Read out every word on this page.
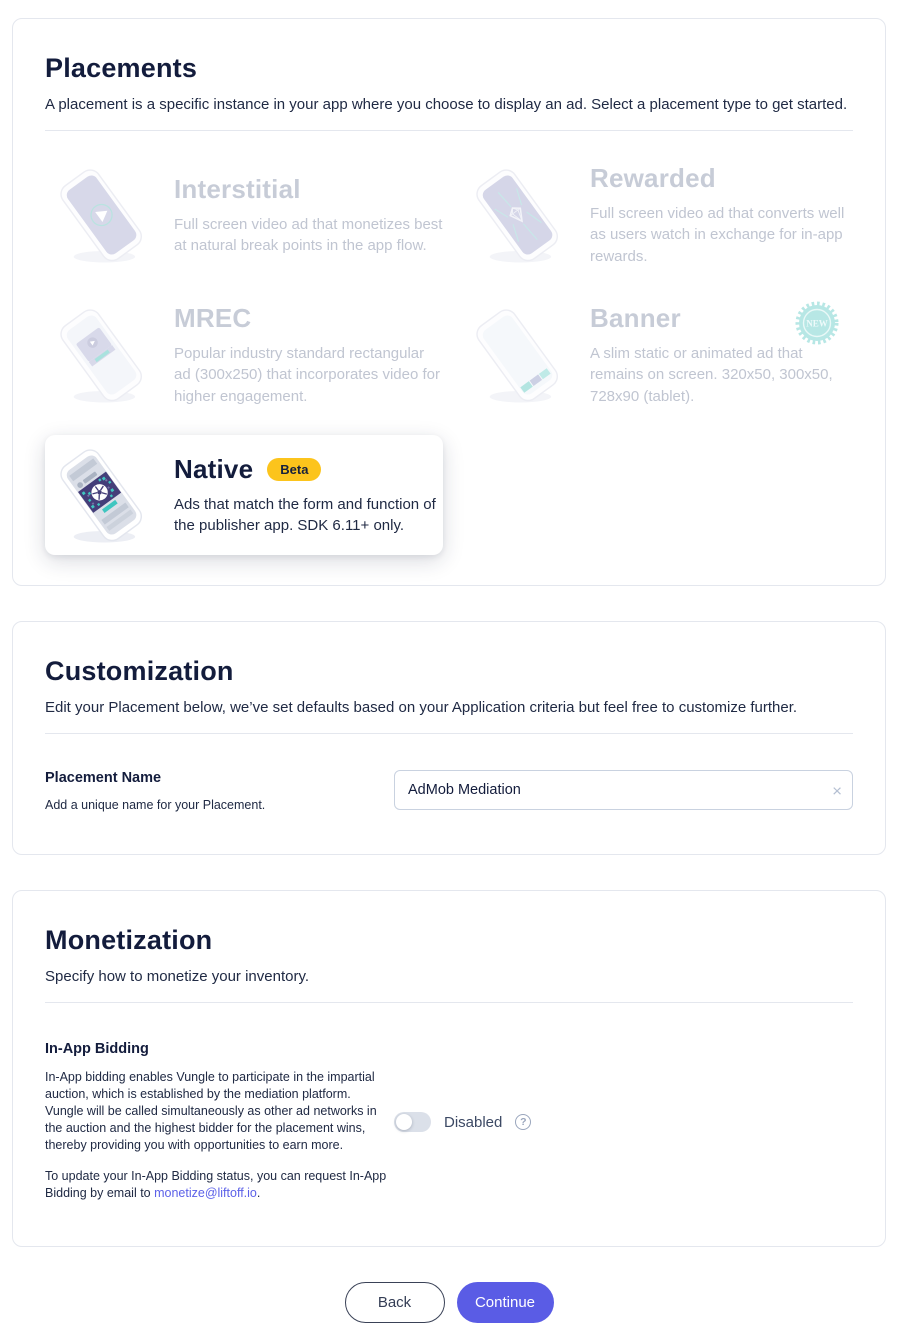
Placements

A placement is a specific instance in your app where you choose to display an ad. Select a placement type to get started.

Interstitial

Full screen video ad that monetizes best at natural break points in the app flow.

Rewarded

Full screen video ad that converts well as users watch in exchange for in-app rewards.

MREC

Popular industry standard rectangular ad (300x250) that incorporates video for higher engagement.

Banner

A slim static or animated ad that remains on screen. 320x50, 300x50, 728x90 (tablet).

NEW
Native	Beta

Ads that match the form and function of the publisher app. SDK 6.11+ only.

Customization

Edit your Placement below, we’ve set defaults based on your Application criteria but feel free to customize further.

Placement Name
Add a unique name for your Placement.
AdMob Mediation
×
Monetization

Specify how to monetize your inventory.

In-App Bidding

In-App bidding enables Vungle to participate in the impartial auction, which is established by the mediation platform. Vungle will be called simultaneously as other ad networks in the auction and the highest bidder for the placement wins, thereby providing you with opportunities to earn more.

To update your In-App Bidding status, you can request In-App Bidding by email to monetize@liftoff.io.

Disabled	?
Back	Continue
